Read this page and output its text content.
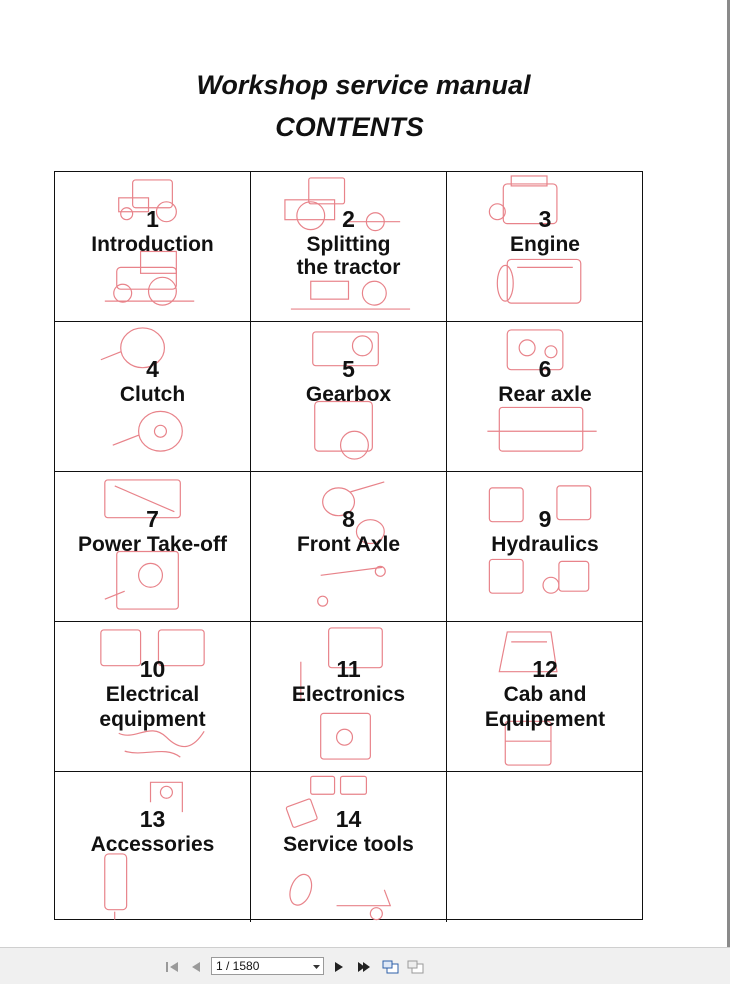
Workshop service manual
CONTENTS
1
Introduction
2
Splitting
the tractor
3
Engine
4
Clutch
5
Gearbox
6
Rear axle
7
Power Take-off
8
Front Axle
9
Hydraulics
10
Electrical
equipment
11
Electronics
12
Cab and
Equipement
13
Accessories
14
Service tools
1 / 1580
